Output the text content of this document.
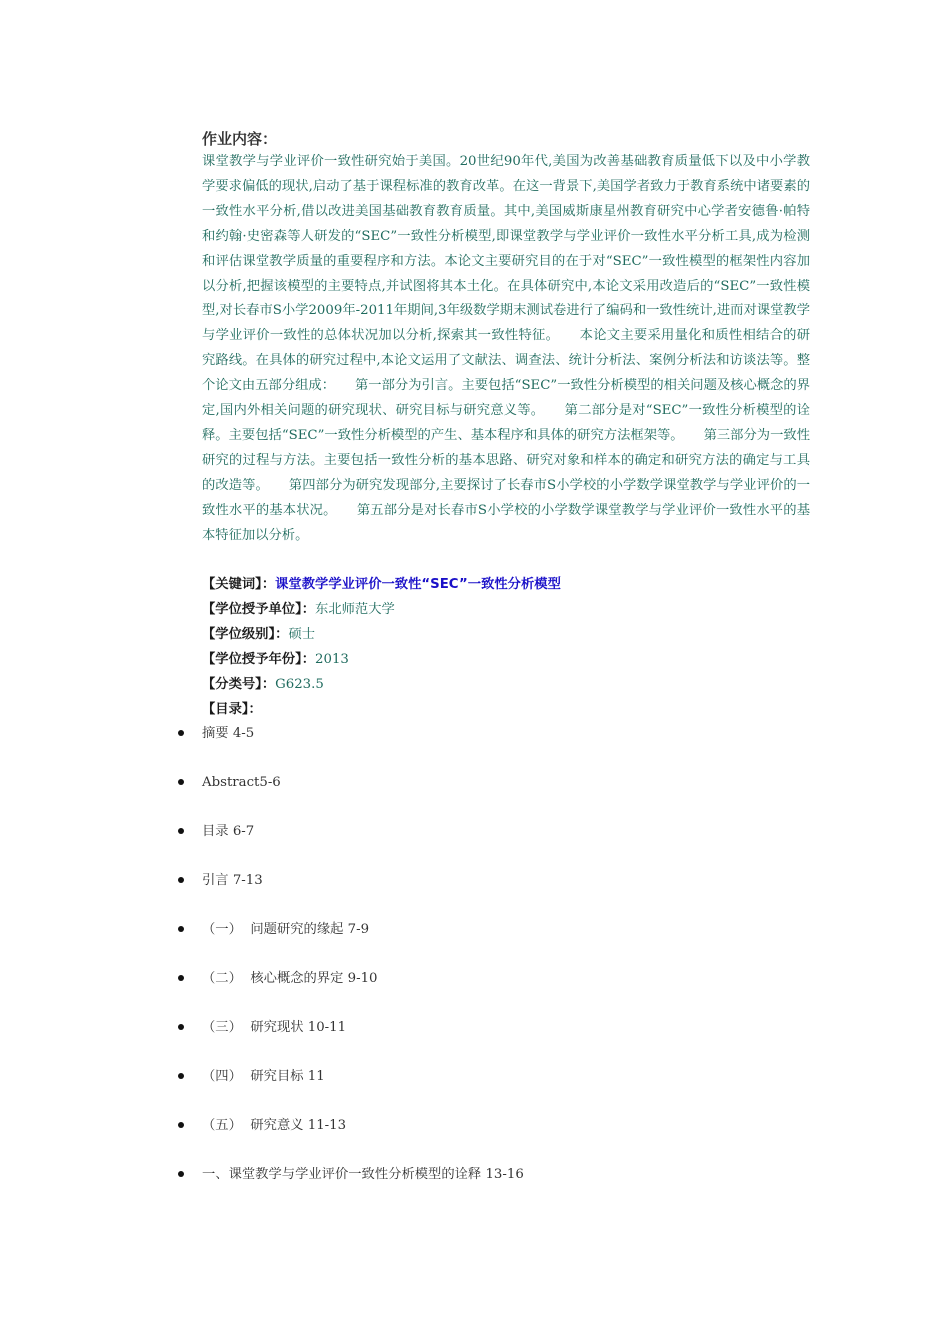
作业内容：
课堂教学与学业评价一致性研究始于美国。20世纪90年代,美国为改善基础教育质量低下以及中小学教学要求偏低的现状,启动了基于课程标准的教育改革。在这一背景下,美国学者致力于教育系统中诸要素的一致性水平分析,借以改进美国基础教育教育质量。其中,美国威斯康星州教育研究中心学者安德鲁·帕特和约翰·史密森等人研发的“SEC”一致性分析模型,即课堂教学与学业评价一致性水平分析工具,成为检测和评估课堂教学质量的重要程序和方法。本论文主要研究目的在于对“SEC”一致性模型的框架性内容加以分析,把握该模型的主要特点,并试图将其本土化。在具体研究中,本论文采用改造后的“SEC”一致性模型,对长春市S小学2009年-2011年期间,3年级数学期末测试卷进行了编码和一致性统计,进而对课堂教学与学业评价一致性的总体状况加以分析,探索其一致性特征。　　本论文主要采用量化和质性相结合的研究路线。在具体的研究过程中,本论文运用了文献法、调查法、统计分析法、案例分析法和访谈法等。整个论文由五部分组成：　　第一部分为引言。主要包括“SEC”一致性分析模型的相关问题及核心概念的界定,国内外相关问题的研究现状、研究目标与研究意义等。　　第二部分是对“SEC”一致性分析模型的诠释。主要包括“SEC”一致性分析模型的产生、基本程序和具体的研究方法框架等。　　第三部分为一致性研究的过程与方法。主要包括一致性分析的基本思路、研究对象和样本的确定和研究方法的确定与工具的改造等。　　第四部分为研究发现部分,主要探讨了长春市S小学校的小学数学课堂教学与学业评价的一致性水平的基本状况。　　第五部分是对长春市S小学校的小学数学课堂教学与学业评价一致性水平的基本特征加以分析。
【关键词】：课堂教学学业评价一致性“SEC”一致性分析模型
【学位授予单位】：东北师范大学
【学位级别】：硕士
【学位授予年份】：2013
【分类号】：G623.5
【目录】：
摘要 4-5
Abstract5-6
目录 6-7
引言 7-13
（一）  问题研究的缘起 7-9
（二）  核心概念的界定 9-10
（三）  研究现状 10-11
（四）  研究目标 11
（五）  研究意义 11-13
一、课堂教学与学业评价一致性分析模型的诠释 13-16
